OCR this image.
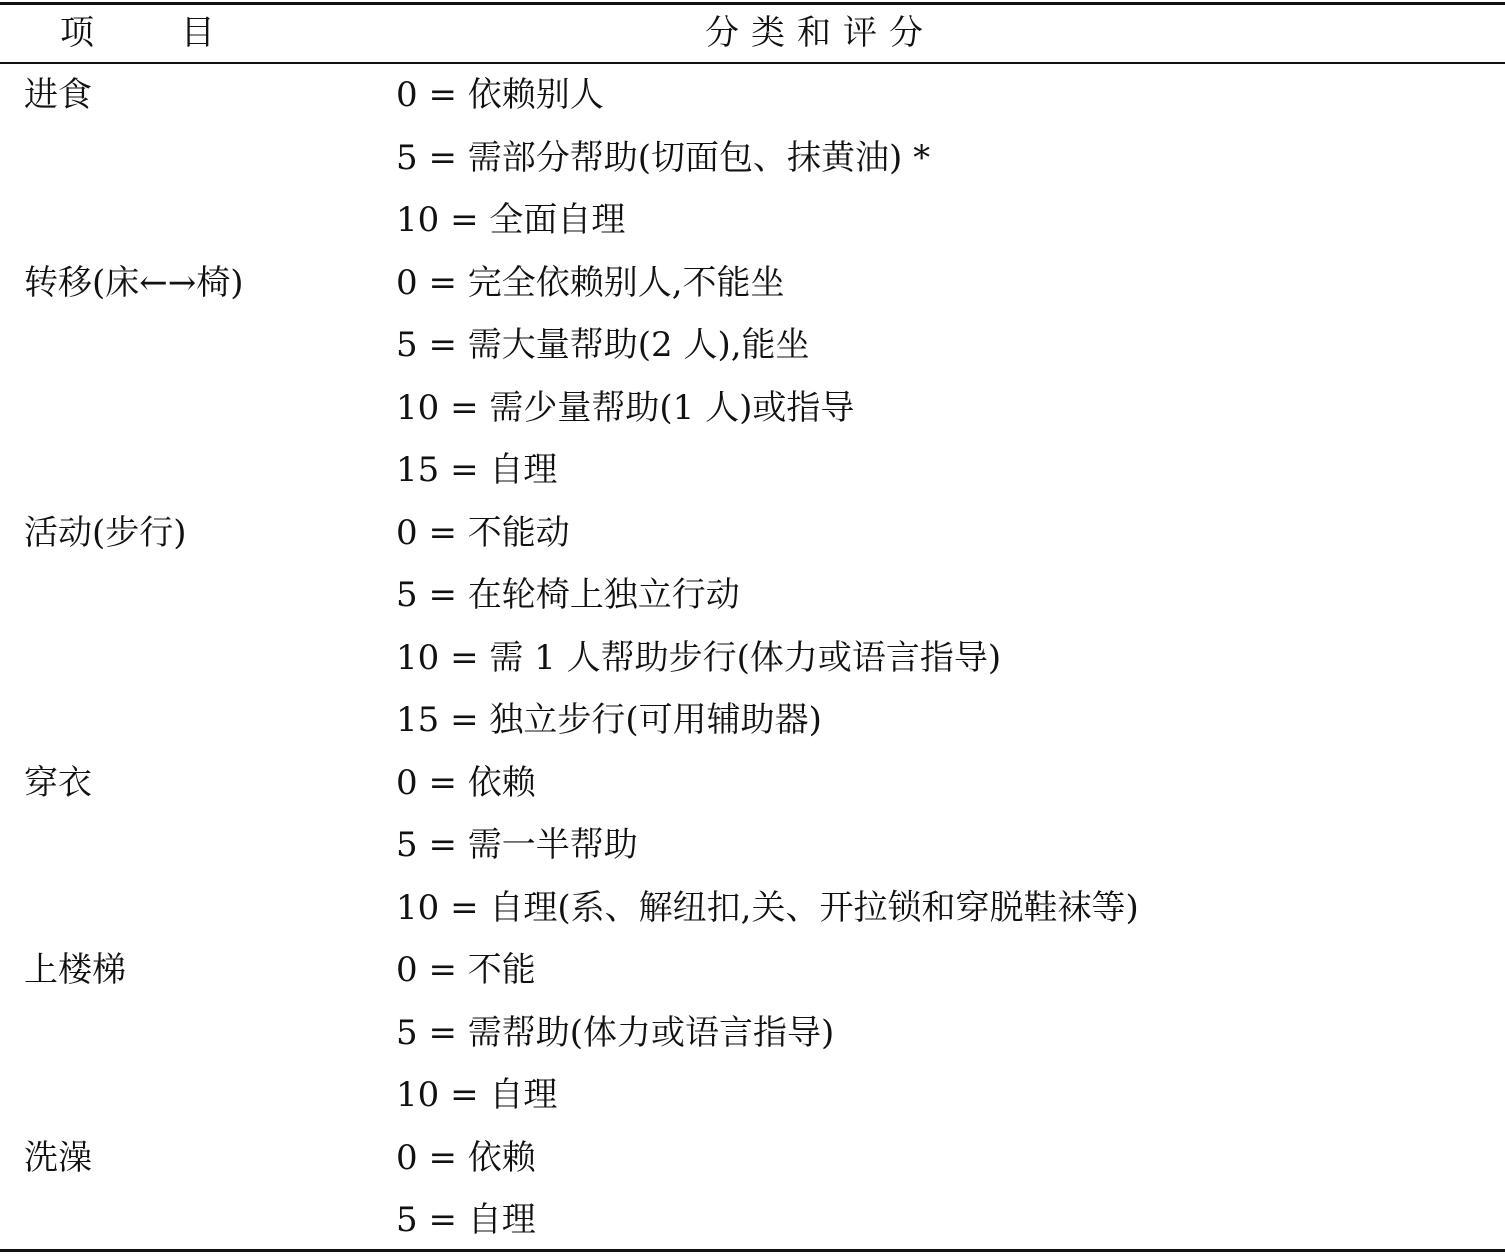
项 目	分类和评分
进食	0 = 依赖别人
5 = 需部分帮助(切面包、抹黄油) *
10 = 全面自理
转移(床←→椅)	0 = 完全依赖别人,不能坐
5 = 需大量帮助(2 人),能坐
10 = 需少量帮助(1 人)或指导
15 = 自理
活动(步行)	0 = 不能动
5 = 在轮椅上独立行动
10 = 需 1 人帮助步行(体力或语言指导)
15 = 独立步行(可用辅助器)
穿衣	0 = 依赖
5 = 需一半帮助
10 = 自理(系、解纽扣,关、开拉锁和穿脱鞋袜等)
上楼梯	0 = 不能
5 = 需帮助(体力或语言指导)
10 = 自理
洗澡	0 = 依赖
5 = 自理
